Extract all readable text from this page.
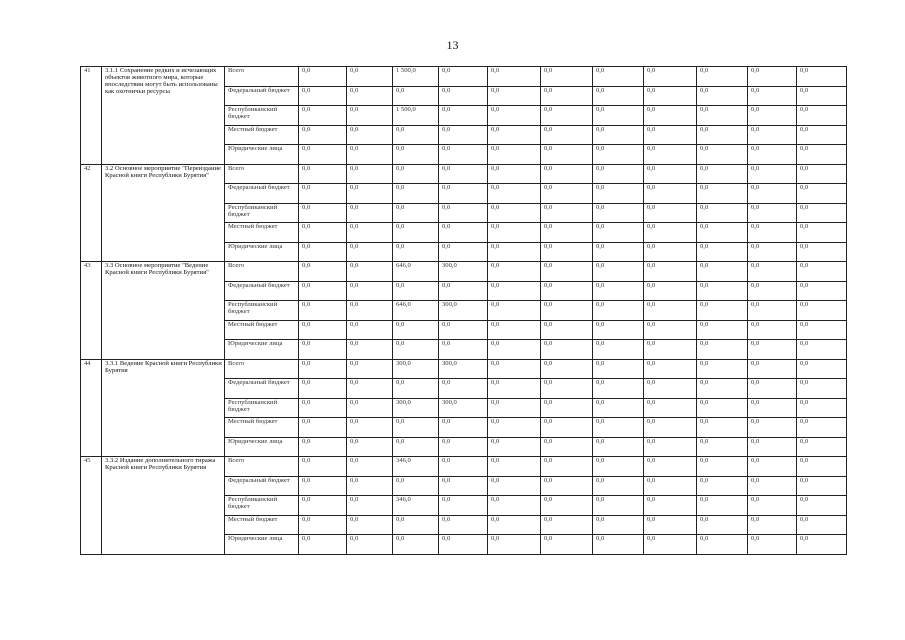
13
41	3.1.1 Сохранение редких и исчезающих объектов животного мира, которые впоследствии могут быть использованы как охотничьи ресурсы	Всего	0,0	0,0	1 500,0	0,0	0,0	0,0	0,0	0,0	0,0	0,0	0,0
		Федеральный бюджет	0,0	0,0	0,0	0,0	0,0	0,0	0,0	0,0	0,0	0,0	0,0
		Республиканский бюджет	0,0	0,0	1 500,0	0,0	0,0	0,0	0,0	0,0	0,0	0,0	0,0
		Местный бюджет	0,0	0,0	0,0	0,0	0,0	0,0	0,0	0,0	0,0	0,0	0,0
		Юридические лица	0,0	0,0	0,0	0,0	0,0	0,0	0,0	0,0	0,0	0,0	0,0
42	3.2 Основное мероприятие "Переиздание Красной книги Республики Бурятия"	Всего	0,0	0,0	0,0	0,0	0,0	0,0	0,0	0,0	0,0	0,0	0,0
		Федеральный бюджет	0,0	0,0	0,0	0,0	0,0	0,0	0,0	0,0	0,0	0,0	0,0
		Республиканский бюджет	0,0	0,0	0,0	0,0	0,0	0,0	0,0	0,0	0,0	0,0	0,0
		Местный бюджет	0,0	0,0	0,0	0,0	0,0	0,0	0,0	0,0	0,0	0,0	0,0
		Юридические лица	0,0	0,0	0,0	0,0	0,0	0,0	0,0	0,0	0,0	0,0	0,0
43	3.3 Основное мероприятие "Ведение Красной книги Республики Бурятия"	Всего	0,0	0,0	646,0	300,0	0,0	0,0	0,0	0,0	0,0	0,0	0,0
		Федеральный бюджет	0,0	0,0	0,0	0,0	0,0	0,0	0,0	0,0	0,0	0,0	0,0
		Республиканский бюджет	0,0	0,0	646,0	300,0	0,0	0,0	0,0	0,0	0,0	0,0	0,0
		Местный бюджет	0,0	0,0	0,0	0,0	0,0	0,0	0,0	0,0	0,0	0,0	0,0
		Юридические лица	0,0	0,0	0,0	0,0	0,0	0,0	0,0	0,0	0,0	0,0	0,0
44	3.3.1 Ведение Красной книги Республики Бурятия	Всего	0,0	0,0	300,0	300,0	0,0	0,0	0,0	0,0	0,0	0,0	0,0
		Федеральный бюджет	0,0	0,0	0,0	0,0	0,0	0,0	0,0	0,0	0,0	0,0	0,0
		Республиканский бюджет	0,0	0,0	300,0	300,0	0,0	0,0	0,0	0,0	0,0	0,0	0,0
		Местный бюджет	0,0	0,0	0,0	0,0	0,0	0,0	0,0	0,0	0,0	0,0	0,0
		Юридические лица	0,0	0,0	0,0	0,0	0,0	0,0	0,0	0,0	0,0	0,0	0,0
45	3.3.2 Издание дополнительного тиража Красной книги Республики Бурятия	Всего	0,0	0,0	346,0	0,0	0,0	0,0	0,0	0,0	0,0	0,0	0,0
		Федеральный бюджет	0,0	0,0	0,0	0,0	0,0	0,0	0,0	0,0	0,0	0,0	0,0
		Республиканский бюджет	0,0	0,0	346,0	0,0	0,0	0,0	0,0	0,0	0,0	0,0	0,0
		Местный бюджет	0,0	0,0	0,0	0,0	0,0	0,0	0,0	0,0	0,0	0,0	0,0
		Юридические лица	0,0	0,0	0,0	0,0	0,0	0,0	0,0	0,0	0,0	0,0	0,0
